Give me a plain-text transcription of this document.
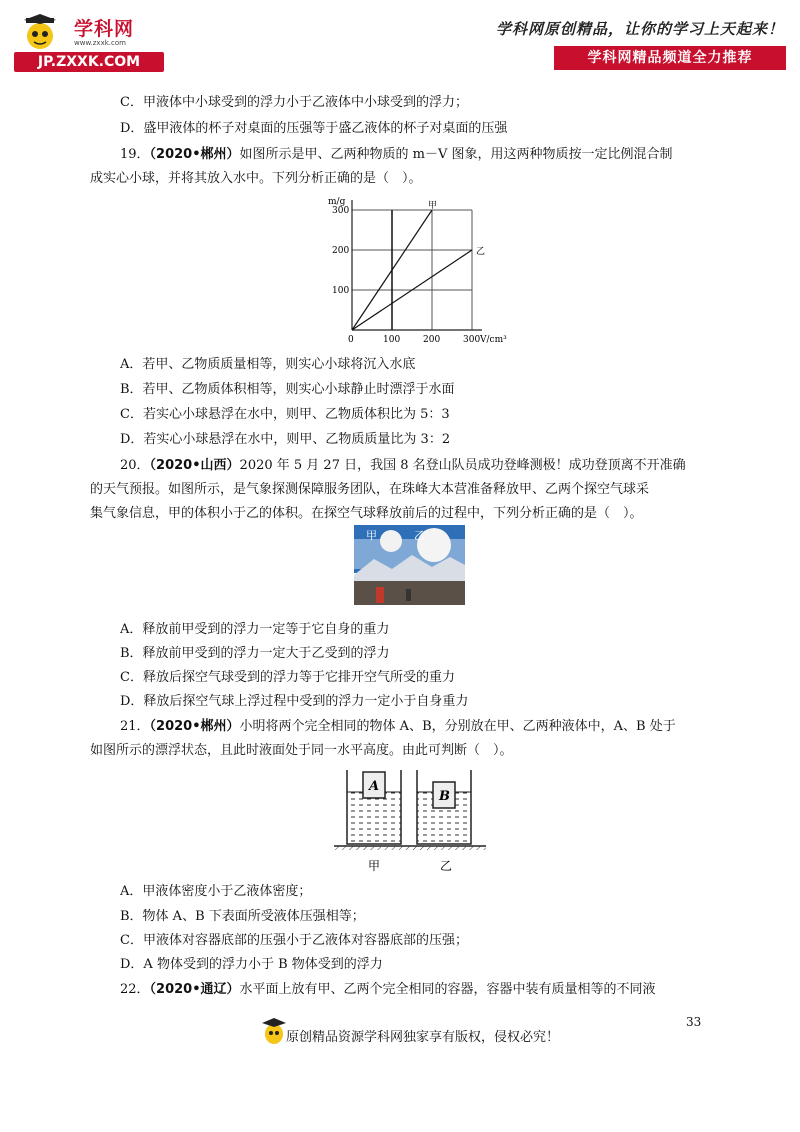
学科网
www.zxxk.com
JP.ZXXK.COM
学科网原创精品，让你的学习上天起来！
学科网精品频道全力推荐
C．甲液体中小球受到的浮力小于乙液体中小球受到的浮力；
D．盛甲液体的杯子对桌面的压强等于盛乙液体的杯子对桌面的压强
19．（2020•郴州）如图所示是甲、乙两种物质的 m－V 图象，用这两种物质按一定比例混合制
成实心小球，并将其放入水中。下列分析正确的是（　）。
甲
乙
0	100	200	300
100
200
300
m/g
V/cm³
A．若甲、乙物质质量相等，则实心小球将沉入水底
B．若甲、乙物质体积相等，则实心小球静止时漂浮于水面
C．若实心小球悬浮在水中，则甲、乙物质体积比为 5：3
D．若实心小球悬浮在水中，则甲、乙物质质量比为 3：2
20．（2020•山西）2020 年 5 月 27 日，我国 8 名登山队员成功登峰测极！成功登顶离不开准确
的天气预报。如图所示，是气象探测保障服务团队，在珠峰大本营准备释放甲、乙两个探空气球采
集气象信息，甲的体积小于乙的体积。在探空气球释放前后的过程中，下列分析正确的是（　）。
甲	乙
A．释放前甲受到的浮力一定等于它自身的重力
B．释放前甲受到的浮力一定大于乙受到的浮力
C．释放后探空气球受到的浮力等于它排开空气所受的重力
D．释放后探空气球上浮过程中受到的浮力一定小于自身重力
21．（2020•郴州）小明将两个完全相同的物体 A、B，分别放在甲、乙两种液体中，A、B 处于
如图所示的漂浮状态，且此时液面处于同一水平高度。由此可判断（　）。
A
B
甲	乙
A．甲液体密度小于乙液体密度；
B．物体 A、B 下表面所受液体压强相等；
C．甲液体对容器底部的压强小于乙液体对容器底部的压强；
D．A 物体受到的浮力小于 B 物体受到的浮力
22．（2020•通辽）水平面上放有甲、乙两个完全相同的容器，容器中装有质量相等的不同液
33
原创精品资源学科网独家享有版权，侵权必究！
